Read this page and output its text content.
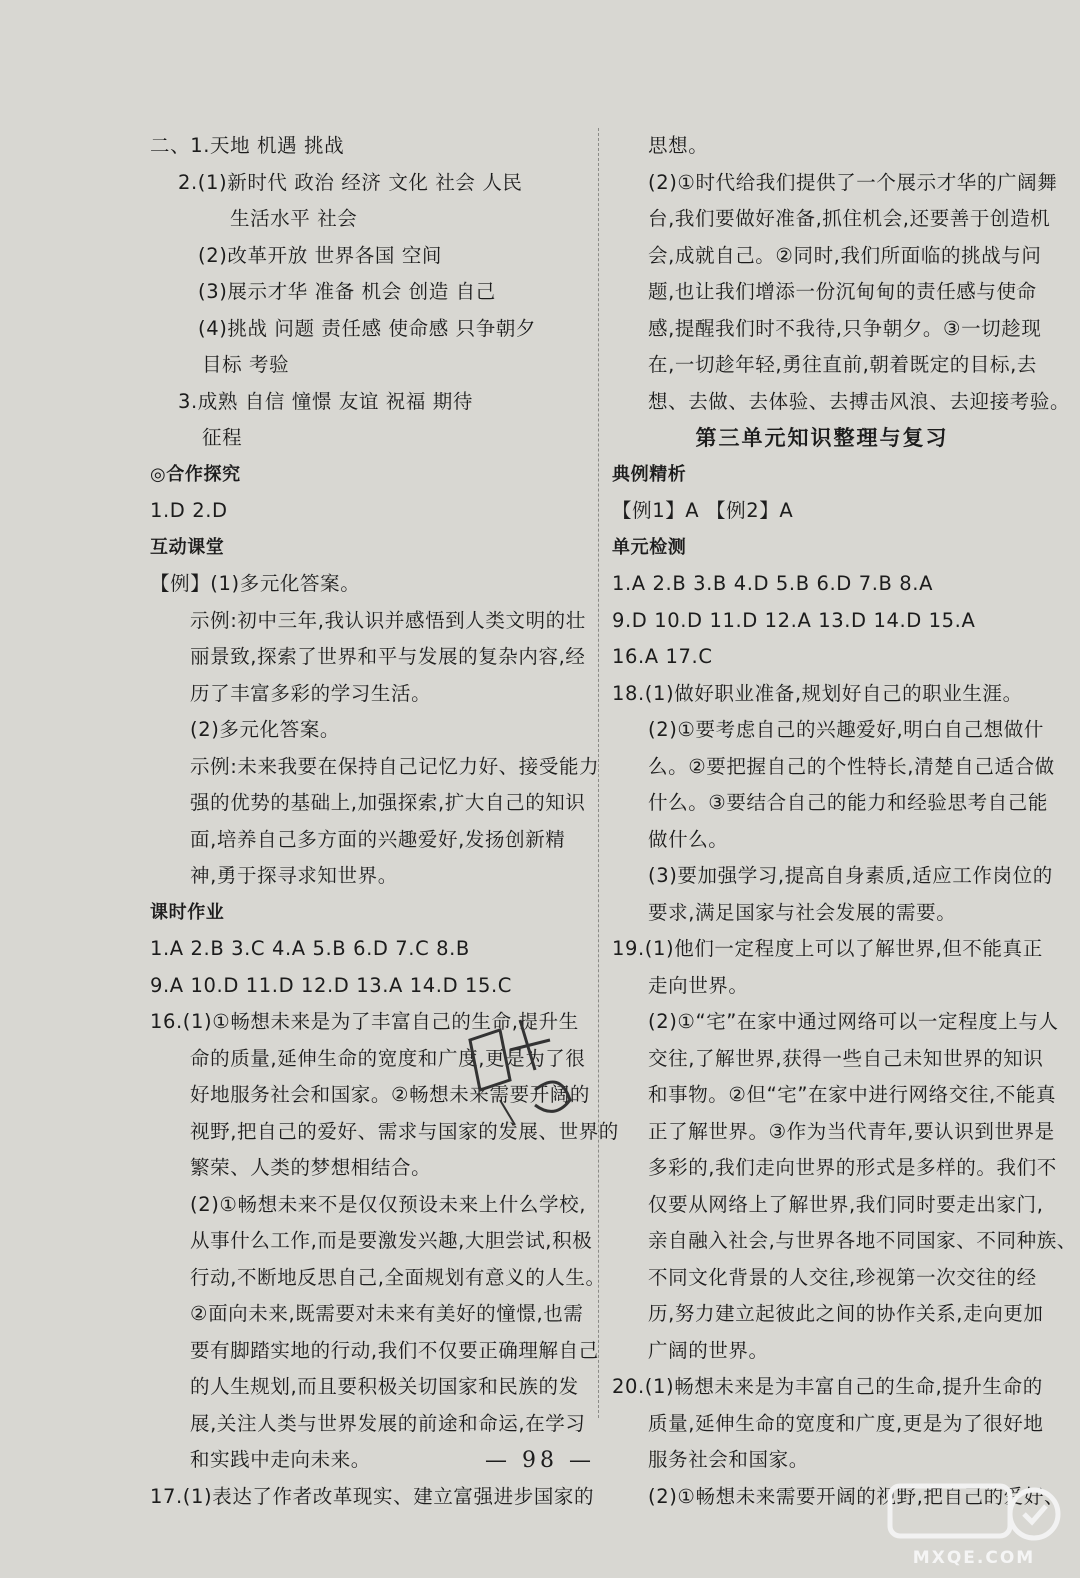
二、1.天地 机遇 挑战
2.(1)新时代 政治 经济 文化 社会 人民
生活水平 社会
(2)改革开放 世界各国 空间
(3)展示才华 准备 机会 创造 自己
(4)挑战 问题 责任感 使命感 只争朝夕
目标 考验
3.成熟 自信 憧憬 友谊 祝福 期待
征程
◎合作探究
1.D 2.D
互动课堂
【例】(1)多元化答案。
示例:初中三年,我认识并感悟到人类文明的壮
丽景致,探索了世界和平与发展的复杂内容,经
历了丰富多彩的学习生活。
(2)多元化答案。
示例:未来我要在保持自己记忆力好、接受能力
强的优势的基础上,加强探索,扩大自己的知识
面,培养自己多方面的兴趣爱好,发扬创新精
神,勇于探寻求知世界。
课时作业
1.A 2.B 3.C 4.A 5.B 6.D 7.C 8.B
9.A 10.D 11.D 12.D 13.A 14.D 15.C
16.(1)①畅想未来是为了丰富自己的生命,提升生
命的质量,延伸生命的宽度和广度,更是为了很
好地服务社会和国家。②畅想未来需要开阔的
视野,把自己的爱好、需求与国家的发展、世界的
繁荣、人类的梦想相结合。
(2)①畅想未来不是仅仅预设未来上什么学校,
从事什么工作,而是要激发兴趣,大胆尝试,积极
行动,不断地反思自己,全面规划有意义的人生。
②面向未来,既需要对未来有美好的憧憬,也需
要有脚踏实地的行动,我们不仅要正确理解自己
的人生规划,而且要积极关切国家和民族的发
展,关注人类与世界发展的前途和命运,在学习
和实践中走向未来。
17.(1)表达了作者改革现实、建立富强进步国家的
思想。
(2)①时代给我们提供了一个展示才华的广阔舞
台,我们要做好准备,抓住机会,还要善于创造机
会,成就自己。②同时,我们所面临的挑战与问
题,也让我们增添一份沉甸甸的责任感与使命
感,提醒我们时不我待,只争朝夕。③一切趁现
在,一切趁年轻,勇往直前,朝着既定的目标,去
想、去做、去体验、去搏击风浪、去迎接考验。
第三单元知识整理与复习
典例精析
【例1】A 【例2】A
单元检测
1.A 2.B 3.B 4.D 5.B 6.D 7.B 8.A
9.D 10.D 11.D 12.A 13.D 14.D 15.A
16.A 17.C
18.(1)做好职业准备,规划好自己的职业生涯。
(2)①要考虑自己的兴趣爱好,明白自己想做什
么。②要把握自己的个性特长,清楚自己适合做
什么。③要结合自己的能力和经验思考自己能
做什么。
(3)要加强学习,提高自身素质,适应工作岗位的
要求,满足国家与社会发展的需要。
19.(1)他们一定程度上可以了解世界,但不能真正
走向世界。
(2)①“宅”在家中通过网络可以一定程度上与人
交往,了解世界,获得一些自己未知世界的知识
和事物。②但“宅”在家中进行网络交往,不能真
正了解世界。③作为当代青年,要认识到世界是
多彩的,我们走向世界的形式是多样的。我们不
仅要从网络上了解世界,我们同时要走出家门,
亲自融入社会,与世界各地不同国家、不同种族、
不同文化背景的人交往,珍视第一次交往的经
历,努力建立起彼此之间的协作关系,走向更加
广阔的世界。
20.(1)畅想未来是为丰富自己的生命,提升生命的
质量,延伸生命的宽度和广度,更是为了很好地
服务社会和国家。
(2)①畅想未来需要开阔的视野,把自己的爱好、
— 98 —
MXQE.COM
